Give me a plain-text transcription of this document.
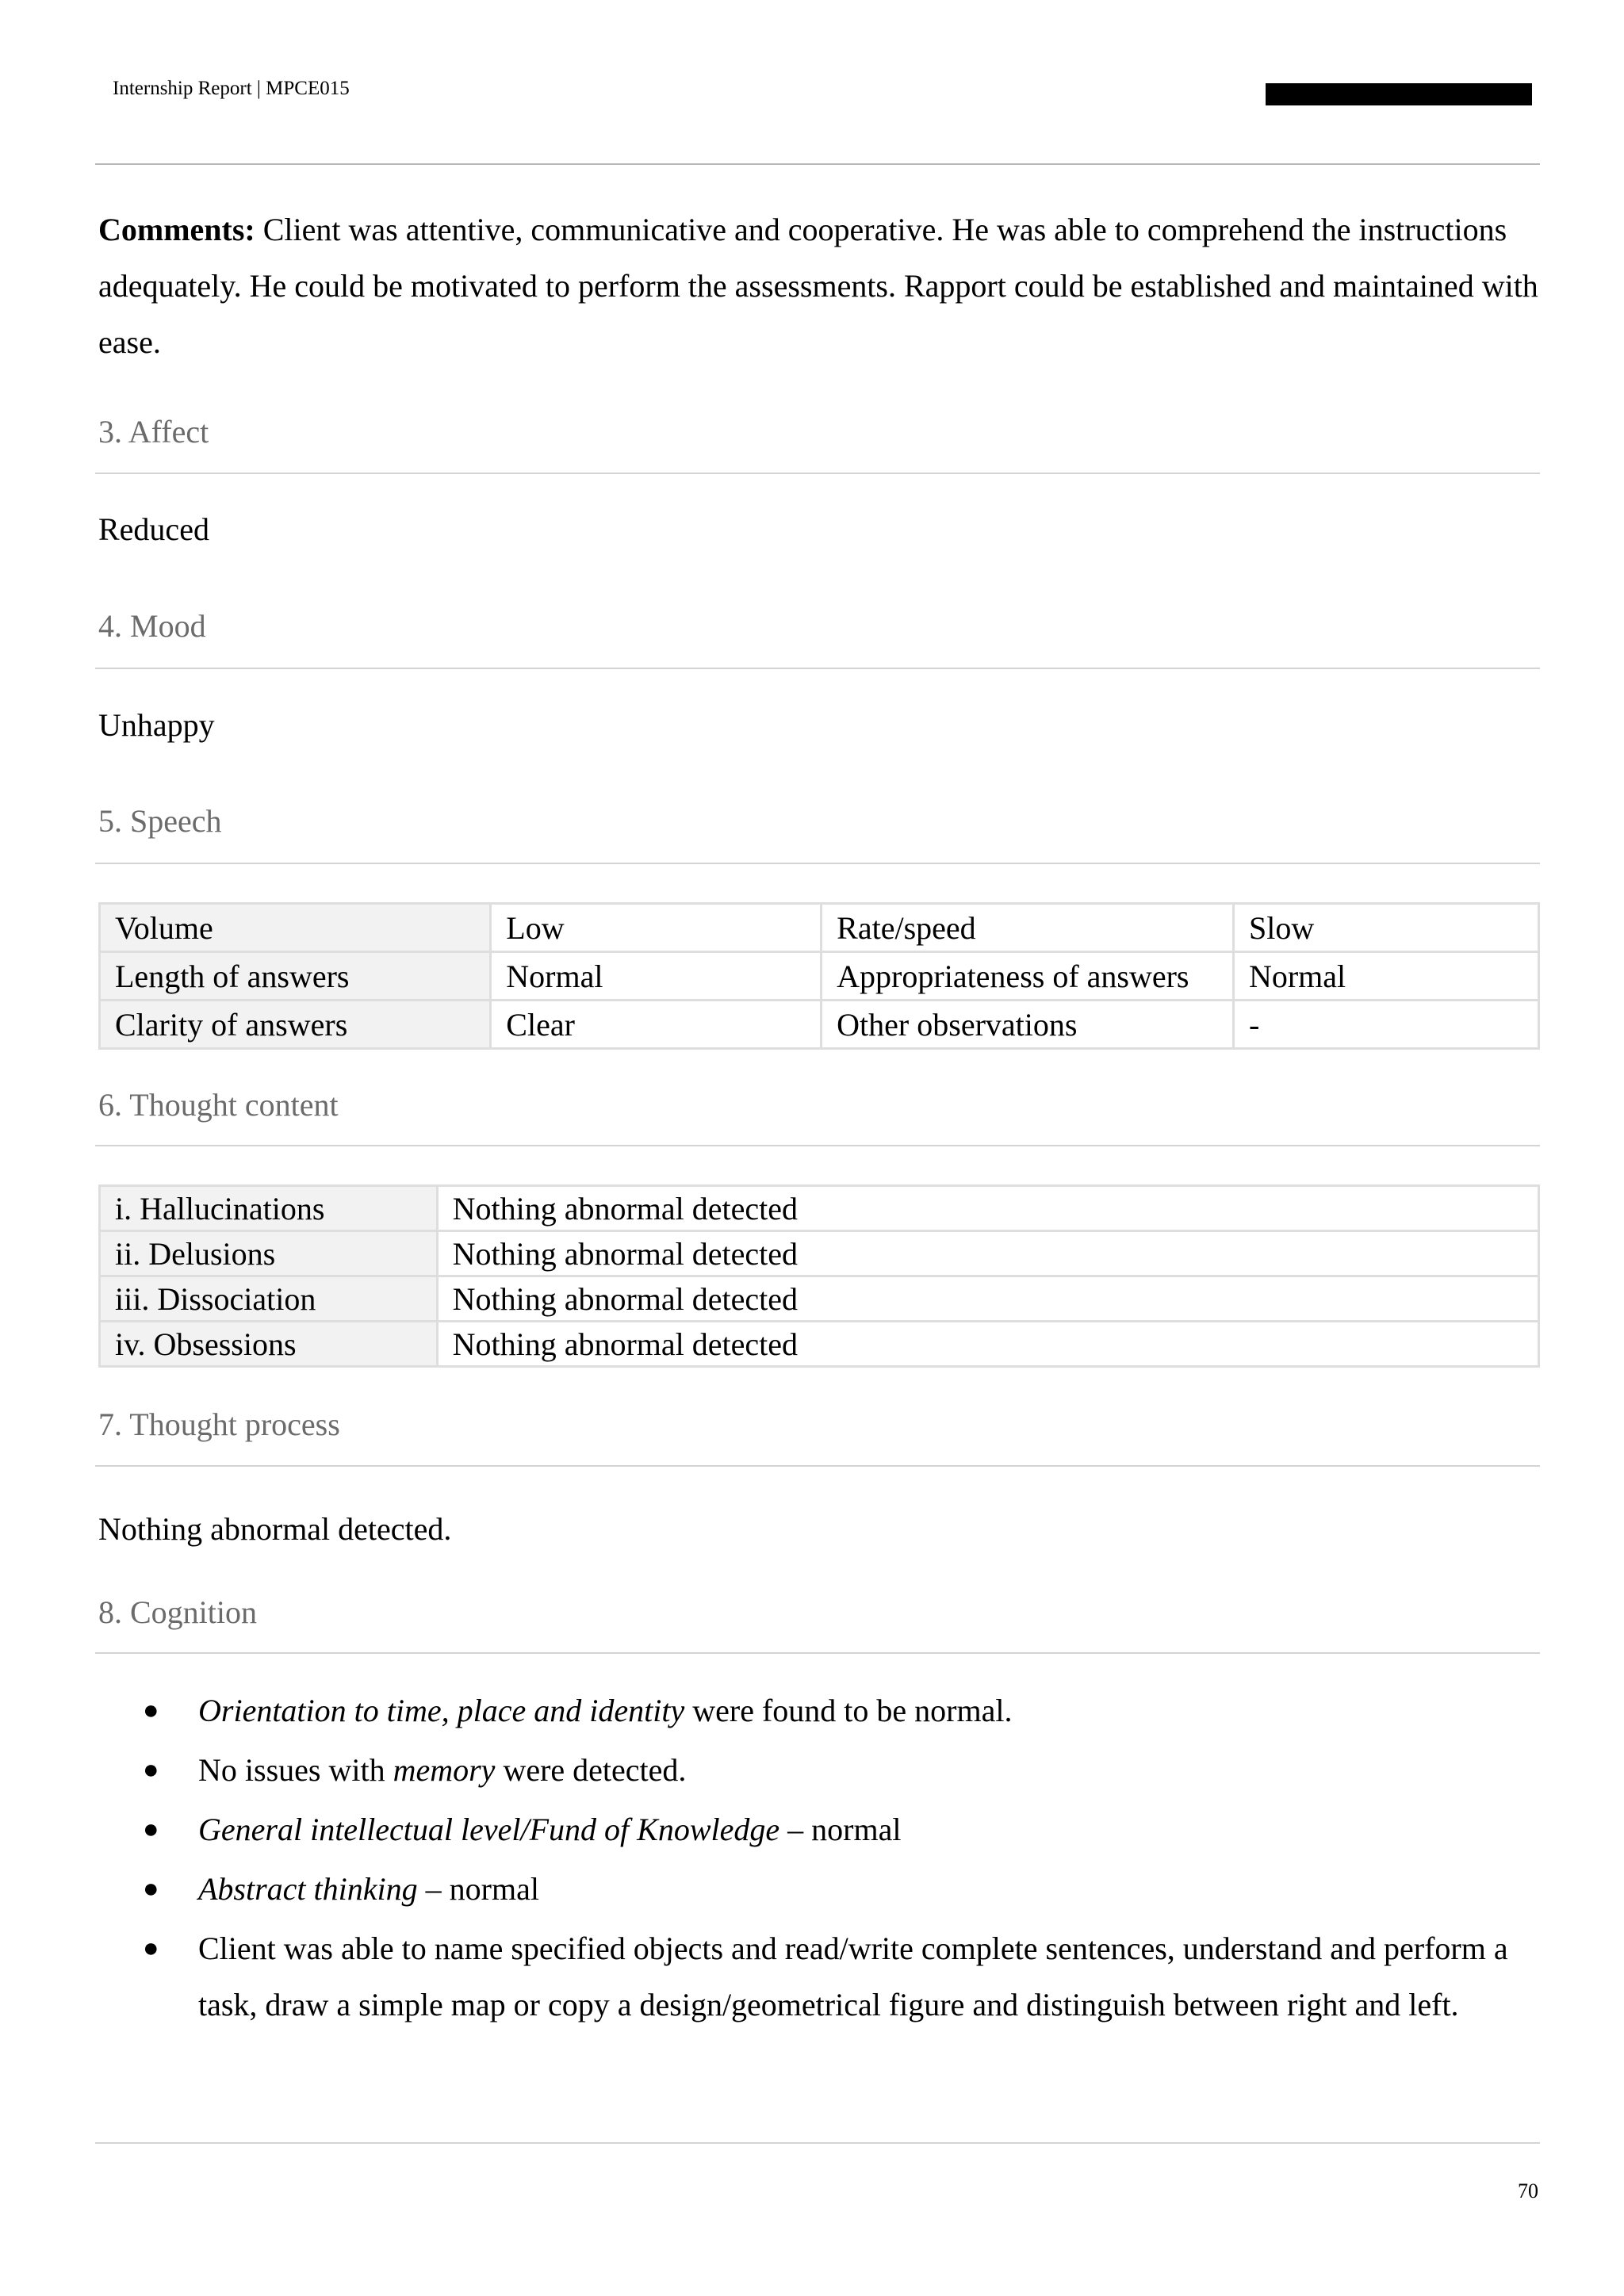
Internship Report | MPCE015
Comments: Client was attentive, communicative and cooperative. He was able to comprehend the instructions adequately. He could be motivated to perform the assessments. Rapport could be established and maintained with ease.
3. Affect
Reduced
4. Mood
Unhappy
5. Speech
Volume	Low	Rate/speed	Slow
Length of answers	Normal	Appropriateness of answers	Normal
Clarity of answers	Clear	Other observations	-
6. Thought content
i. Hallucinations	Nothing abnormal detected
ii. Delusions	Nothing abnormal detected
iii. Dissociation	Nothing abnormal detected
iv. Obsessions	Nothing abnormal detected
7. Thought process
Nothing abnormal detected.
8. Cognition
● Orientation to time, place and identity were found to be normal.
● No issues with memory were detected.
● General intellectual level/Fund of Knowledge – normal
● Abstract thinking – normal
● Client was able to name specified objects and read/write complete sentences, understand and perform a task, draw a simple map or copy a design/geometrical figure and distinguish between right and left.
70
